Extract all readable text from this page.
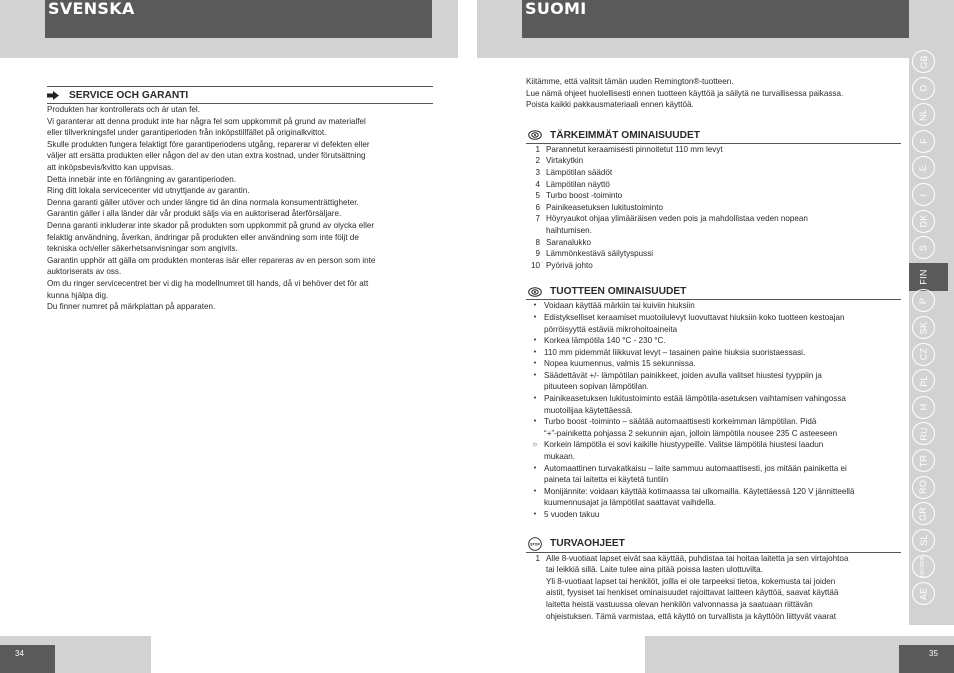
SVENSKA	SUOMI
SERVICE OCH GARANTI

Produkten har kontrollerats och är utan fel.

Vi garanterar att denna produkt inte har några fel som uppkommit på grund av materialfel

eller tillverkningsfel under garantiperioden från inköpstillfället på originalkvittot.

Skulle produkten fungera felaktigt före garantiperiodens utgång, reparerar vi defekten eller

väljer att ersätta produkten eller någon del av den utan extra kostnad, under förutsättning

att inköpsbevis/kvitto kan uppvisas.

Detta innebär inte en förlängning av garantiperioden.

Ring ditt lokala servicecenter vid utnyttjande av garantin.

Denna garanti gäller utöver och under längre tid än dina normala konsumenträttigheter.

Garantin gäller i alla länder där vår produkt säljs via en auktoriserad återförsäljare.

Denna garanti inkluderar inte skador på produkten som uppkommit på grund av olycka eller

felaktig användning, åverkan, ändringar på produkten eller användning som inte följt de

tekniska och/eller säkerhetsanvisningar som angivits.

Garantin upphör att gälla om produkten monteras isär eller repareras av en person som inte

auktoriserats av oss.

Om du ringer servicecentret ber vi dig ha modellnumret till hands, då vi behöver det för att

kunna hjälpa dig.

Du finner numret på märkplattan på apparaten.

Kiitämme, että valitsit tämän uuden Remington®-tuotteen.

Lue nämä ohjeet huolellisesti ennen tuotteen käyttöä ja säilytä ne turvallisessa paikassa.

Poista kaikki pakkausmateriaali ennen käyttöä.

TÄRKEIMMÄT OMINAISUUDET
1 Parannetut keraamisesti pinnoitetut 110 mm levyt
2 Virtakytkin
3 Lämpötilan säädöt
4 Lämpötilan näyttö
5 Turbo boost -toiminto
6 Painikeasetuksen lukitustoiminto
7 Höyryaukot ohjaa ylimääräisen veden pois ja mahdollistaa veden nopean
haihtumisen.
8 Saranalukko
9 Lämmönkestävä säilytyspussi
10 Pyörivä johto
TUOTTEEN OMINAISUUDET
• Voidaan käyttää märkiin tai kuiviin hiuksiin
• Edistykselliset keraamiset muotoilulevyt luovuttavat hiuksiin koko tuotteen kestoajan
pörröisyyttä estäviä mikrohoitoaineita
• Korkea lämpötila 140 °C - 230 °C.
• 110 mm pidemmät liikkuvat levyt – tasainen paine hiuksia suoristaessasi.
• Nopea kuumennus, valmis 15 sekunnissa.
• Säädettävät +/- lämpötilan painikkeet, joiden avulla valitset hiustesi tyyppiin ja
pituuteen sopivan lämpötilan.
• Painikeasetuksen lukitustoiminto estää lämpötila-asetuksen vaihtamisen vahingossa
muotoilijaa käytettäessä.
• Turbo boost -toiminto – säätää automaattisesti korkeimman lämpötilan. Pidä
“+”-painiketta pohjassa 2 sekunnin ajan, jolloin lämpötila nousee 235 C asteeseen
☼ Korkein lämpötila ei sovi kaikille hiustyypeille. Valitse lämpötila hiustesi laadun
mukaan.
• Automaattinen turvakatkaisu – laite sammuu automaattisesti, jos mitään painiketta ei
paineta tai laitetta ei käytetä tuntiin
• Monijännite: voidaan käyttää kotimaassa tai ulkomailla. Käytettäessä 120 V jännitteellä
kuumennusajat ja lämpötilat saattavat vaihdella.
• 5 vuoden takuu
STOP TURVAOHJEET
1 Alle 8-vuotiaat lapset eivät saa käyttää, puhdistaa tai hoitaa laitetta ja sen virtajohtoa
tai leikkiä sillä. Laite tulee aina pitää poissa lasten ulottuvilta.
Yli 8-vuotiaat lapset tai henkilöt, joilla ei ole tarpeeksi tietoa, kokemusta tai joiden
aistit, fyysiset tai henkiset ominaisuudet rajoittavat laitteen käyttöä, saavat käyttää
laitetta heistä vastuussa olevan henkilön valvonnassa ja saatuaan riittävän
ohjeistuksen. Tämä varmistaa, että käyttö on turvallista ja käyttöön liittyvät vaarat
GB
D
NL
F
E
I
DK
S
FIN
P
SK
CZ
PL
H
RU
TR
RO
GR
SL
HR/SRB
AE
34	35
